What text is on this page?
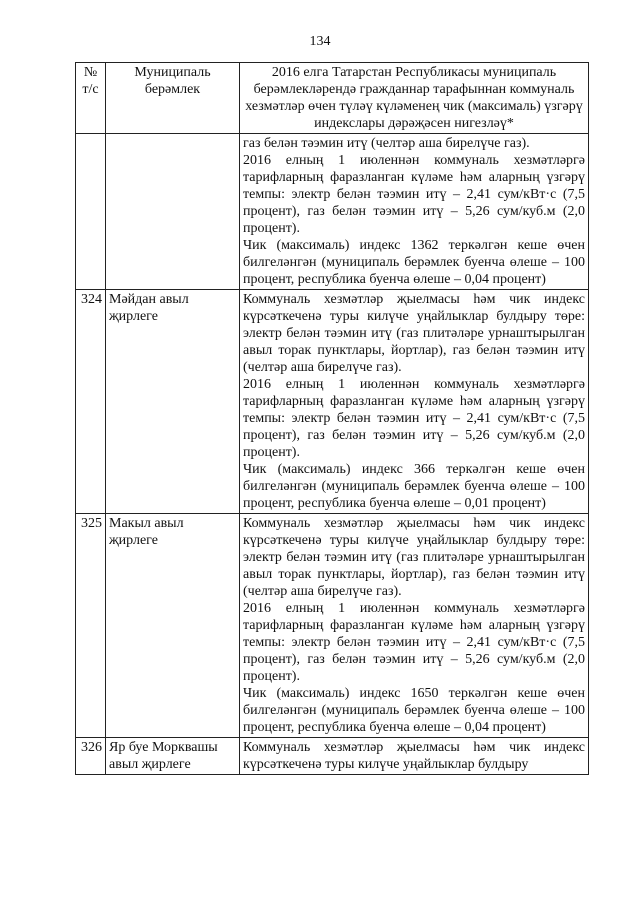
134
№ т/с	Муниципаль берәмлек	2016 елга Татарстан Республикасы муниципаль берәмлекләрендә гражданнар тарафыннан коммуналь хезмәтләр өчен түләү күләменең чик (максималь) үзгәрү индекслары дәрәҗәсен нигезләү*

		газ белән тәэмин итү (челтәр аша бирелүче газ).
2016 елның 1 июленнән коммуналь хезмәтләргә тарифларның фаразланган күләме һәм аларның үзгәрү темпы: электр белән тәэмин итү – 2,41 сум/кВт·с (7,5 процент), газ белән тәэмин итү – 5,26 сум/куб.м (2,0 процент).
Чик (максималь) индекс 1362 теркәлгән кеше өчен билгеләнгән (муниципаль берәмлек буенча өлеше – 100 процент, республика буенча өлеше – 0,04 процент)

324	Мәйдан авыл җирлеге	Коммуналь хезмәтләр җыелмасы һәм чик индекс күрсәткеченә туры килүче уңайлыклар булдыру төре: электр белән тәэмин итү (газ плитәләре урнаштырылган авыл торак пунктлары, йортлар), газ белән тәэмин итү (челтәр аша бирелүче газ).
2016 елның 1 июленнән коммуналь хезмәтләргә тарифларның фаразланган күләме һәм аларның үзгәрү темпы: электр белән тәэмин итү – 2,41 сум/кВт·с (7,5 процент), газ белән тәэмин итү – 5,26 сум/куб.м (2,0 процент).
Чик (максималь) индекс 366 теркәлгән кеше өчен билгеләнгән (муниципаль берәмлек буенча өлеше – 100 процент, республика буенча өлеше – 0,01 процент)

325	Макыл авыл җирлеге	Коммуналь хезмәтләр җыелмасы һәм чик индекс күрсәткеченә туры килүче уңайлыклар булдыру төре: электр белән тәэмин итү (газ плитәләре урнаштырылган авыл торак пунктлары, йортлар), газ белән тәэмин итү (челтәр аша бирелүче газ).
2016 елның 1 июленнән коммуналь хезмәтләргә тарифларның фаразланган күләме һәм аларның үзгәрү темпы: электр белән тәэмин итү – 2,41 сум/кВт·с (7,5 процент), газ белән тәэмин итү – 5,26 сум/куб.м (2,0 процент).
Чик (максималь) индекс 1650 теркәлгән кеше өчен билгеләнгән (муниципаль берәмлек буенча өлеше – 100 процент, республика буенча өлеше – 0,04 процент)

326	Яр буе Морквашы авыл җирлеге	Коммуналь хезмәтләр җыелмасы һәм чик индекс күрсәткеченә туры килүче уңайлыклар булдыру
